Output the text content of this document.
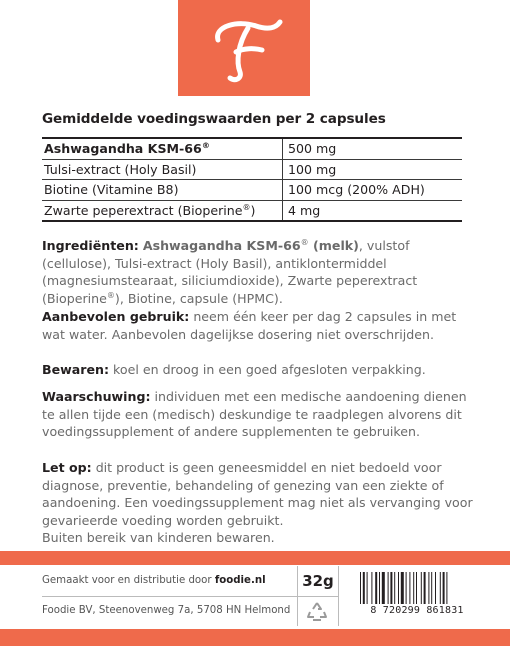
Gemiddelde voedingswaarden per 2 capsules
Ashwagandha KSM-66®	500 mg
Tulsi-extract (Holy Basil)	100 mg
Biotine (Vitamine B8)	100 mcg (200% ADH)
Zwarte peperextract (Bioperine®)	4 mg
Ingrediënten: Ashwagandha KSM-66® (melk), vulstof (cellulose), Tulsi-extract (Holy Basil), antiklontermiddel (magnesiumstearaat, siliciumdioxide), Zwarte peperextract (Bioperine®), Biotine, capsule (HPMC).
Aanbevolen gebruik: neem één keer per dag 2 capsules in met wat water. Aanbevolen dagelijkse dosering niet overschrijden.
Bewaren: koel en droog in een goed afgesloten verpakking.
Waarschuwing: individuen met een medische aandoening dienen te allen tijde een (medisch) deskundige te raadplegen alvorens dit voedingssupplement of andere supplementen te gebruiken.
Let op: dit product is geen geneesmiddel en niet bedoeld voor diagnose, preventie, behandeling of genezing van een ziekte of aandoening. Een voedingssupplement mag niet als vervanging voor gevarieerde voeding worden gebruikt.
Buiten bereik van kinderen bewaren.
Gemaakt voor en distributie door foodie.nl 32g
Foodie BV, Steenovenweg 7a, 5708 HN Helmond	8 720299 861831
